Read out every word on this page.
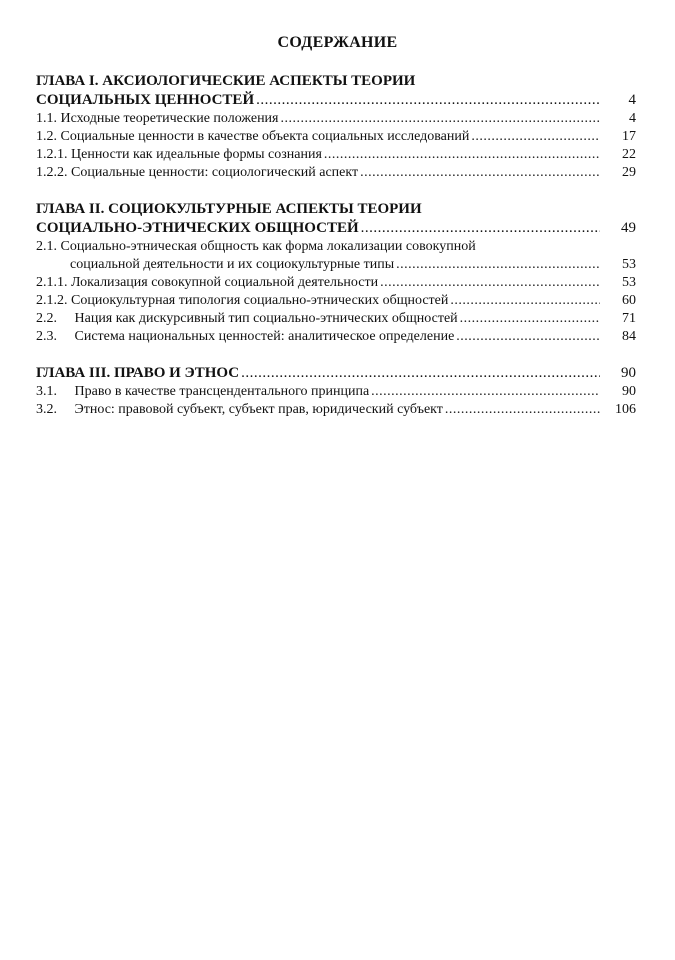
СОДЕРЖАНИЕ
ГЛАВА I. АКСИОЛОГИЧЕСКИЕ АСПЕКТЫ ТЕОРИИ
СОЦИАЛЬНЫХ ЦЕННОСТЕЙ .....	4
1.1. Исходные теоретические положения .....	4
1.2. Социальные ценности в качестве объекта социальных исследований .....	17
1.2.1. Ценности как идеальные формы сознания .....	22
1.2.2. Социальные ценности: социологический аспект .....	29
ГЛАВА II. СОЦИОКУЛЬТУРНЫЕ АСПЕКТЫ ТЕОРИИ
СОЦИАЛЬНО-ЭТНИЧЕСКИХ ОБЩНОСТЕЙ .....	49
2.1. Социально-этническая общность как форма локализации совокупной
социальной деятельности и их социокультурные типы .....	53
2.1.1. Локализация совокупной социальной деятельности .....	53
2.1.2. Социокультурная типология социально-этнических общностей .....	60
2.2.     Нация как дискурсивный тип социально-этнических общностей .....	71
2.3.     Система национальных ценностей: аналитическое определение .....	84
ГЛАВА III. ПРАВО И ЭТНОС .....	90
3.1.     Право в качестве трансцендентального принципа .....	90
3.2.     Этнос: правовой субъект, субъект прав, юридический субъект .....	106
